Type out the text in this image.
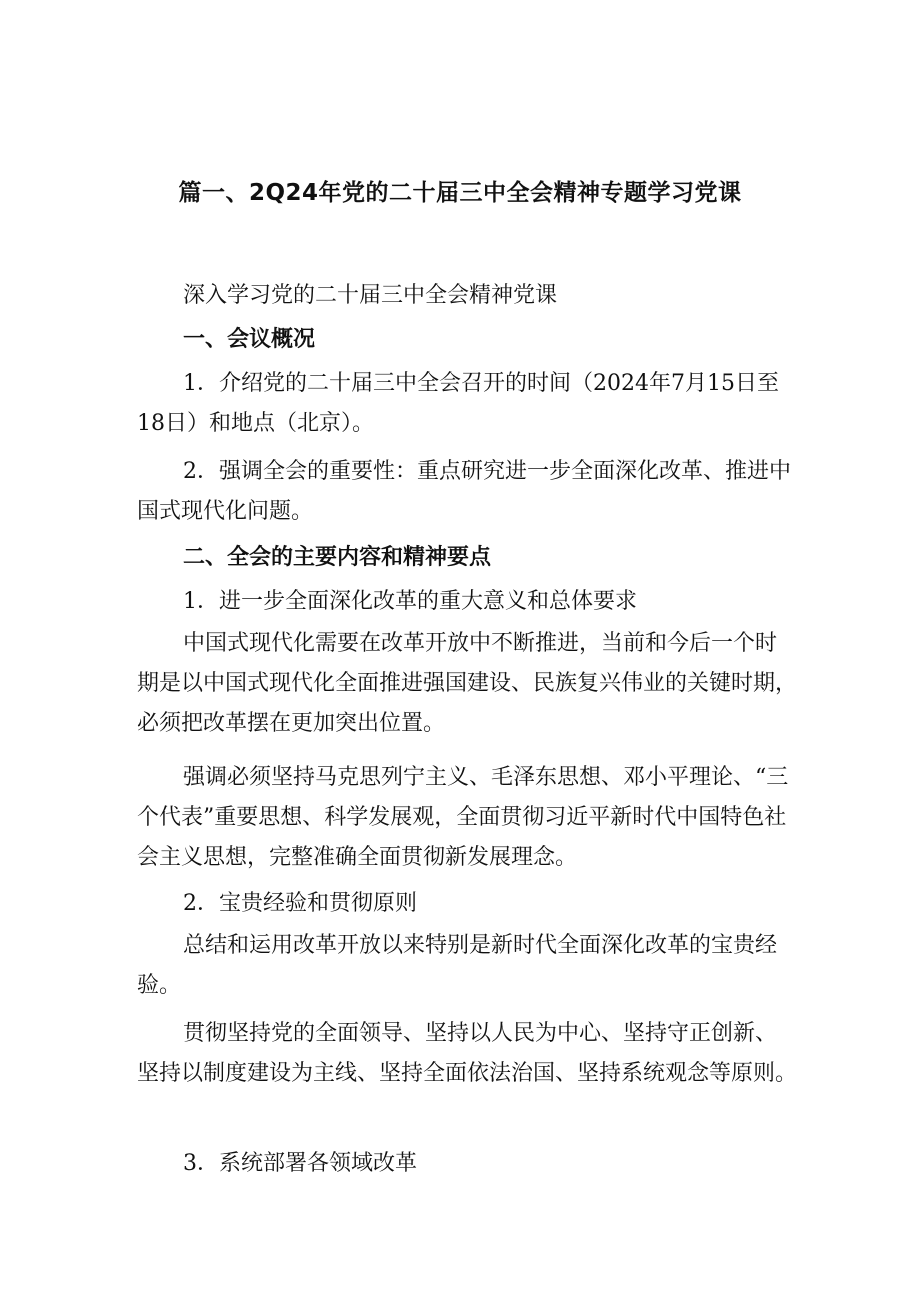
篇一、2Q24年党的二十届三中全会精神专题学习党课

深入学习党的二十届三中全会精神党课

一、会议概况

1．介绍党的二十届三中全会召开的时间（2024年7月15日至18日）和地点（北京）。

2．强调全会的重要性：重点研究进一步全面深化改革、推进中国式现代化问题。

二、全会的主要内容和精神要点

1．进一步全面深化改革的重大意义和总体要求

中国式现代化需要在改革开放中不断推进，当前和今后一个时期是以中国式现代化全面推进强国建设、民族复兴伟业的关键时期，必须把改革摆在更加突出位置。

强调必须坚持马克思列宁主义、毛泽东思想、邓小平理论、“三个代表”重要思想、科学发展观，全面贯彻习近平新时代中国特色社会主义思想，完整准确全面贯彻新发展理念。

2．宝贵经验和贯彻原则

总结和运用改革开放以来特别是新时代全面深化改革的宝贵经验。

贯彻坚持党的全面领导、坚持以人民为中心、坚持守正创新、坚持以制度建设为主线、坚持全面依法治国、坚持系统观念等原则。

3．系统部署各领域改革
